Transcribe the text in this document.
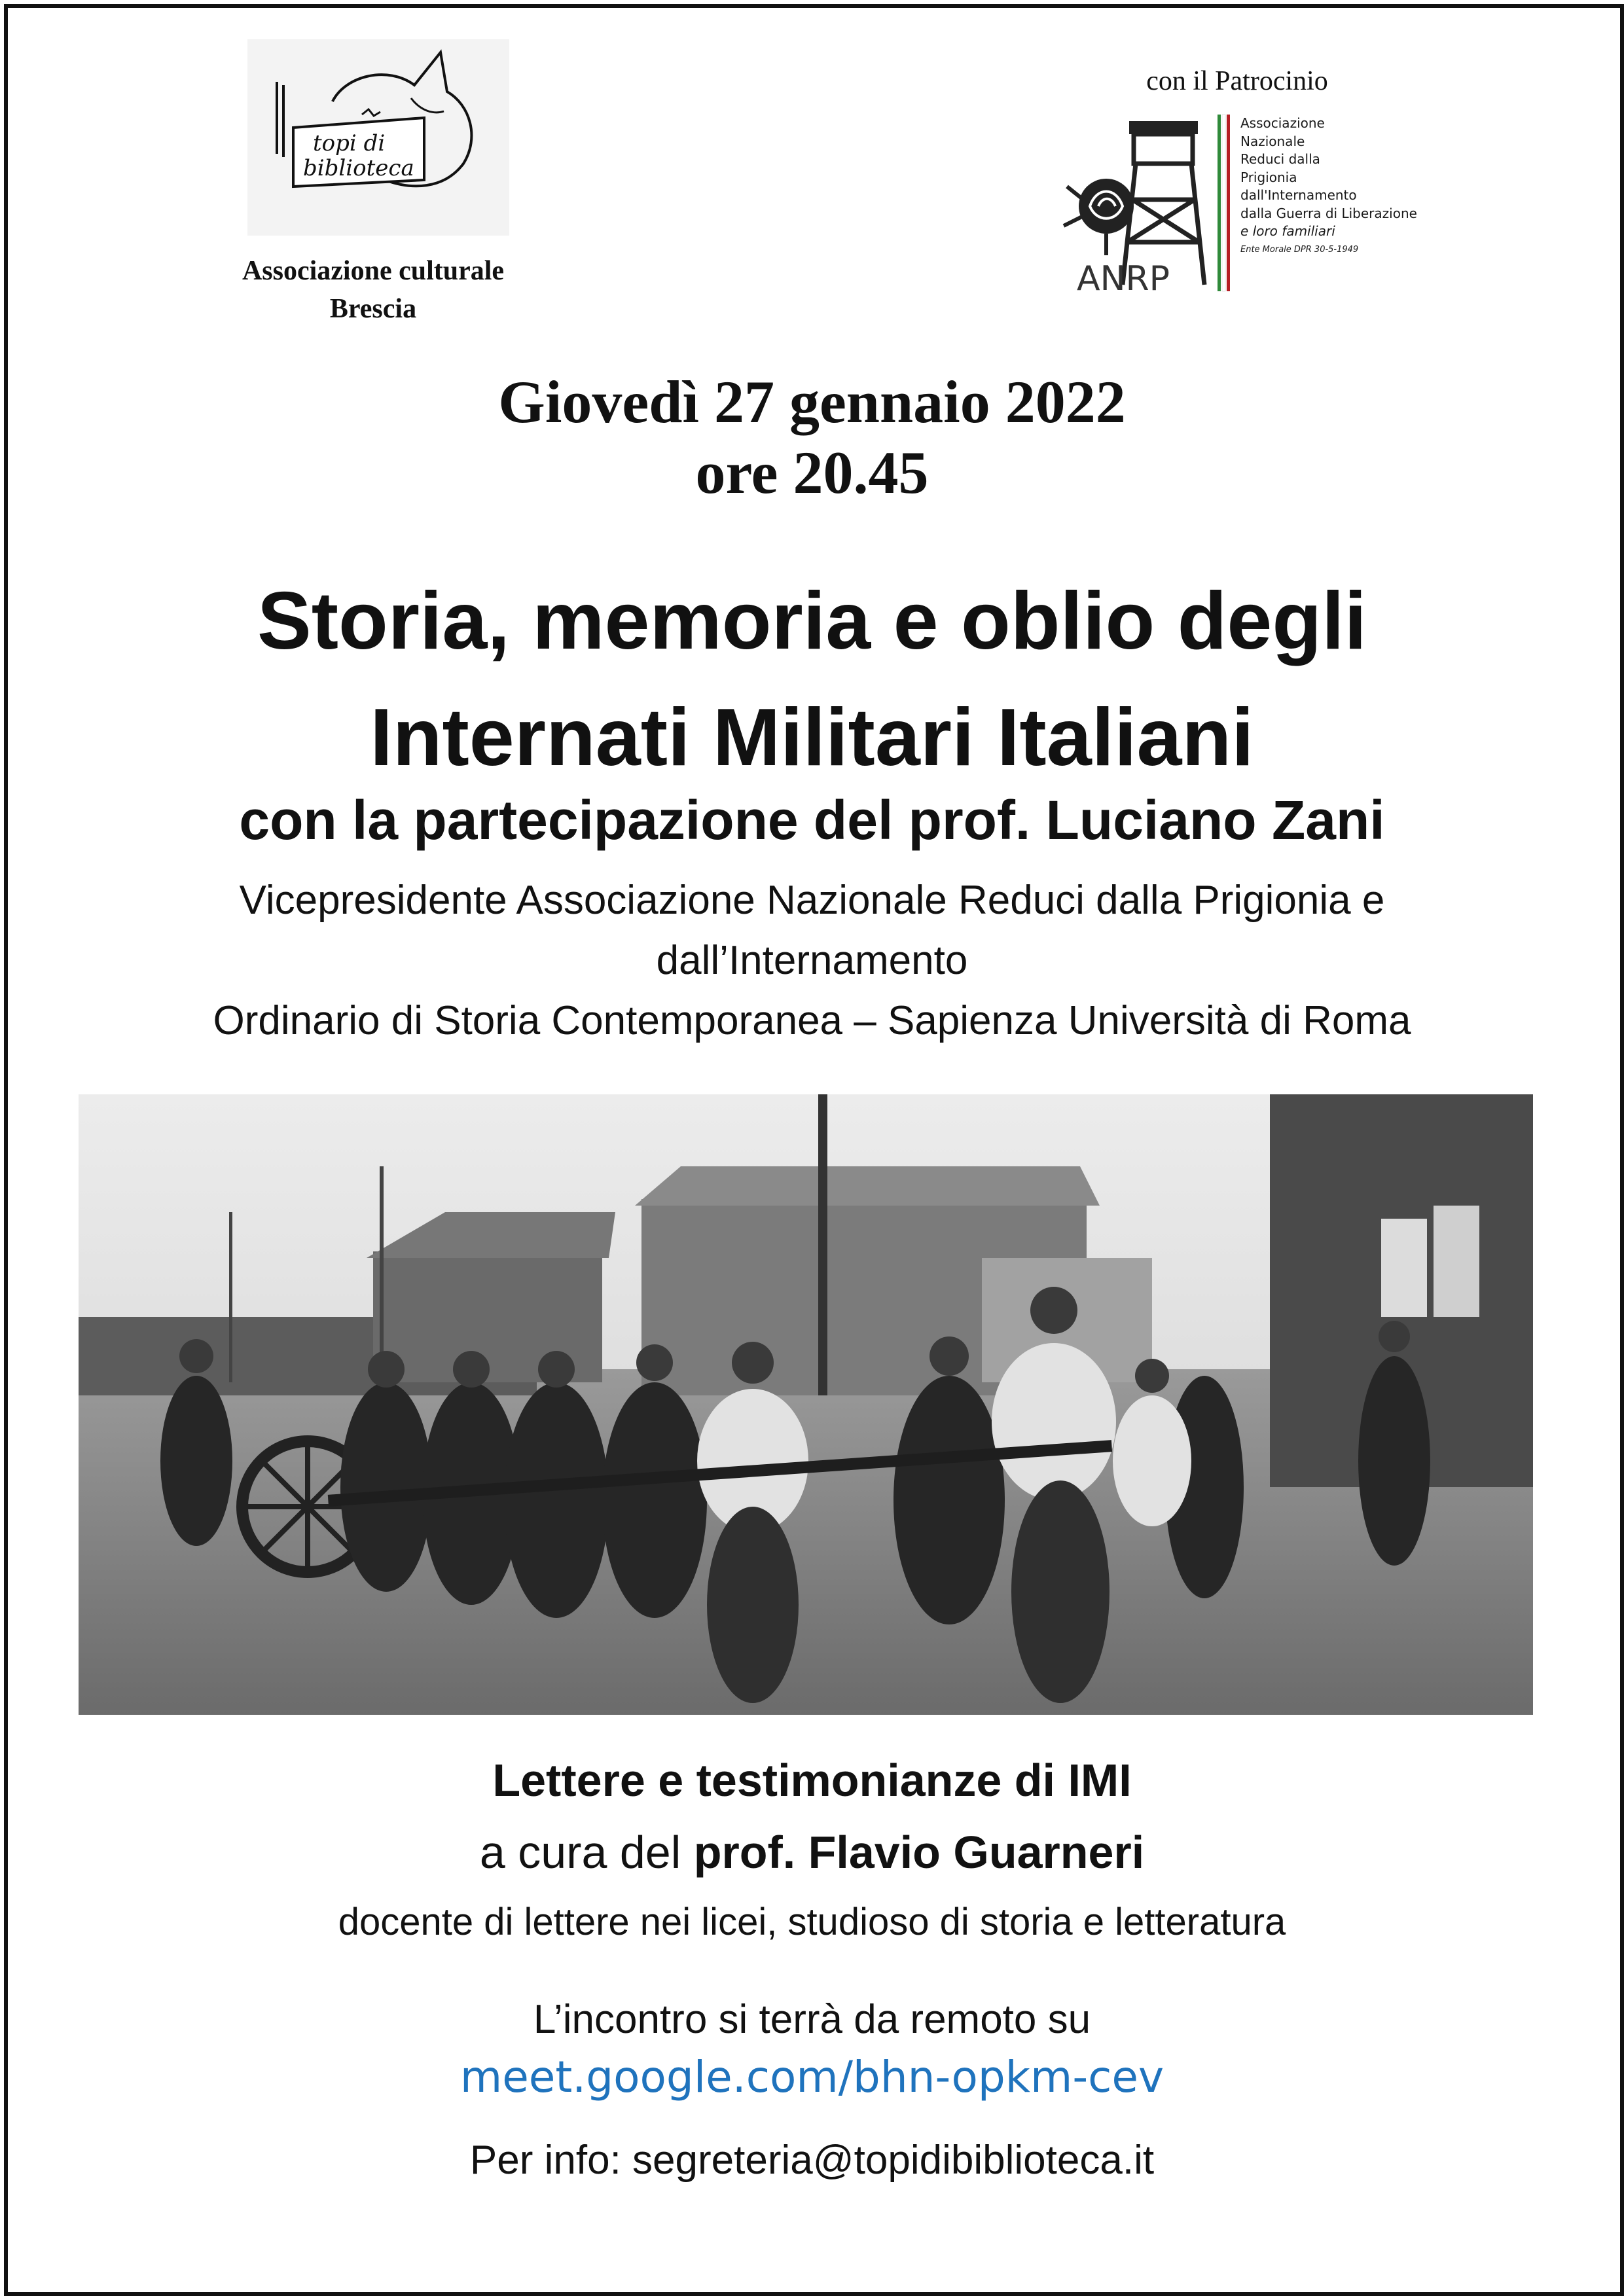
topi di
biblioteca
Associazione culturale
Brescia
con il Patrocinio
ANRP
Associazione
Nazionale
Reduci dalla
Prigionia
dall'Internamento
dalla Guerra di Liberazione
e loro familiari
Ente Morale DPR 30-5-1949
Giovedì 27 gennaio 2022
ore 20.45
Storia, memoria e oblio degli
Internati Militari Italiani
con la partecipazione del prof. Luciano Zani
Vicepresidente Associazione Nazionale Reduci dalla Prigionia e
dall’Internamento
Ordinario di Storia Contemporanea – Sapienza Università di Roma
Lettere e testimonianze di IMI
a cura del prof. Flavio Guarneri
docente di lettere nei licei, studioso di storia e letteratura
L’incontro si terrà da remoto su
meet.google.com/bhn-opkm-cev
Per info: segreteria@topidibiblioteca.it
